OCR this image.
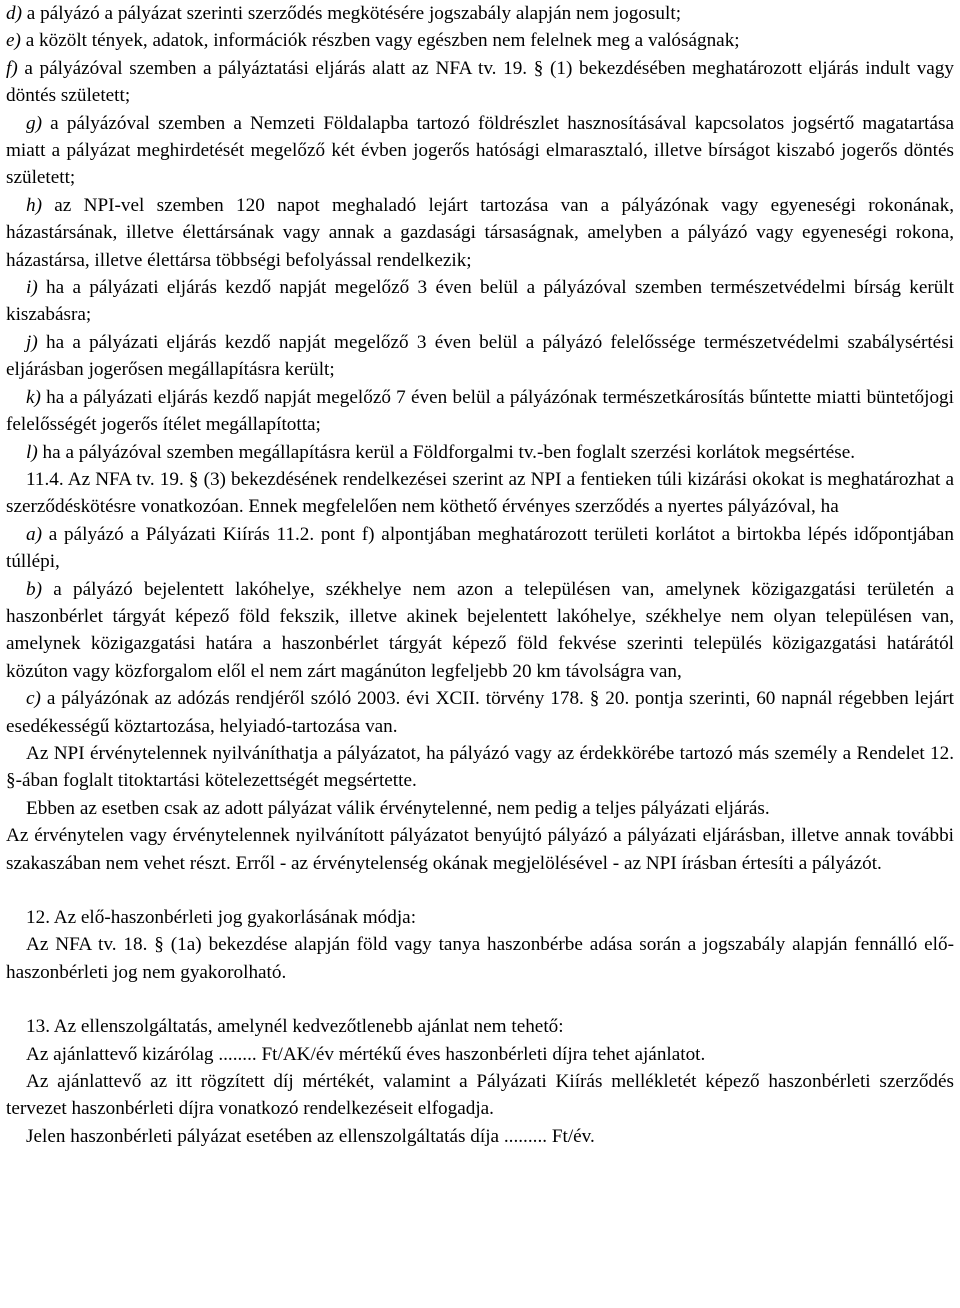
d) a pályázó a pályázat szerinti szerződés megkötésére jogszabály alapján nem jogosult;

e) a közölt tények, adatok, információk részben vagy egészben nem felelnek meg a valóságnak;

f) a pályázóval szemben a pályáztatási eljárás alatt az NFA tv. 19. § (1) bekezdésében meghatározott eljárás indult vagy döntés született;

g) a pályázóval szemben a Nemzeti Földalapba tartozó földrészlet hasznosításával kapcsolatos jogsértő magatartása miatt a pályázat meghirdetését megelőző két évben jogerős hatósági elmarasztaló, illetve bírságot kiszabó jogerős döntés született;

h) az NPI-vel szemben 120 napot meghaladó lejárt tartozása van a pályázónak vagy egyeneségi rokonának, házastársának, illetve élettársának vagy annak a gazdasági társaságnak, amelyben a pályázó vagy egyeneségi rokona, házastársa, illetve élettársa többségi befolyással rendelkezik;

i) ha a pályázati eljárás kezdő napját megelőző 3 éven belül a pályázóval szemben természetvédelmi bírság került kiszabásra;

j) ha a pályázati eljárás kezdő napját megelőző 3 éven belül a pályázó felelőssége természetvédelmi szabálysértési eljárásban jogerősen megállapításra került;

k) ha a pályázati eljárás kezdő napját megelőző 7 éven belül a pályázónak természetkárosítás bűntette miatti büntetőjogi felelősségét jogerős ítélet megállapította;

l) ha a pályázóval szemben megállapításra kerül a Földforgalmi tv.-ben foglalt szerzési korlátok megsértése.

11.4. Az NFA tv. 19. § (3) bekezdésének rendelkezései szerint az NPI a fentieken túli kizárási okokat is meghatározhat a szerződéskötésre vonatkozóan. Ennek megfelelően nem köthető érvényes szerződés a nyertes pályázóval, ha

a) a pályázó a Pályázati Kiírás 11.2. pont f) alpontjában meghatározott területi korlátot a birtokba lépés időpontjában túllépi,

b) a pályázó bejelentett lakóhelye, székhelye nem azon a településen van, amelynek közigazgatási területén a haszonbérlet tárgyát képező föld fekszik, illetve akinek bejelentett lakóhelye, székhelye nem olyan településen van, amelynek közigazgatási határa a haszonbérlet tárgyát képező föld fekvése szerinti település közigazgatási határától közúton vagy közforgalom elől el nem zárt magánúton legfeljebb 20 km távolságra van,

c) a pályázónak az adózás rendjéről szóló 2003. évi XCII. törvény 178. § 20. pontja szerinti, 60 napnál régebben lejárt esedékességű köztartozása, helyiadó-tartozása van.

Az NPI érvénytelennek nyilváníthatja a pályázatot, ha pályázó vagy az érdekkörébe tartozó más személy a Rendelet 12. §-ában foglalt titoktartási kötelezettségét megsértette.

Ebben az esetben csak az adott pályázat válik érvénytelenné, nem pedig a teljes pályázati eljárás.

Az érvénytelen vagy érvénytelennek nyilvánított pályázatot benyújtó pályázó a pályázati eljárásban, illetve annak további szakaszában nem vehet részt. Erről - az érvénytelenség okának megjelölésével - az NPI írásban értesíti a pályázót.

12. Az elő-haszonbérleti jog gyakorlásának módja:

Az NFA tv. 18. § (1a) bekezdése alapján föld vagy tanya haszonbérbe adása során a jogszabály alapján fennálló elő-haszonbérleti jog nem gyakorolható.

13. Az ellenszolgáltatás, amelynél kedvezőtlenebb ajánlat nem tehető:

Az ajánlattevő kizárólag ........ Ft/AK/év mértékű éves haszonbérleti díjra tehet ajánlatot.

Az ajánlattevő az itt rögzített díj mértékét, valamint a Pályázati Kiírás mellékletét képező haszonbérleti szerződés tervezet haszonbérleti díjra vonatkozó rendelkezéseit elfogadja.

Jelen haszonbérleti pályázat esetében az ellenszolgáltatás díja ......... Ft/év.
